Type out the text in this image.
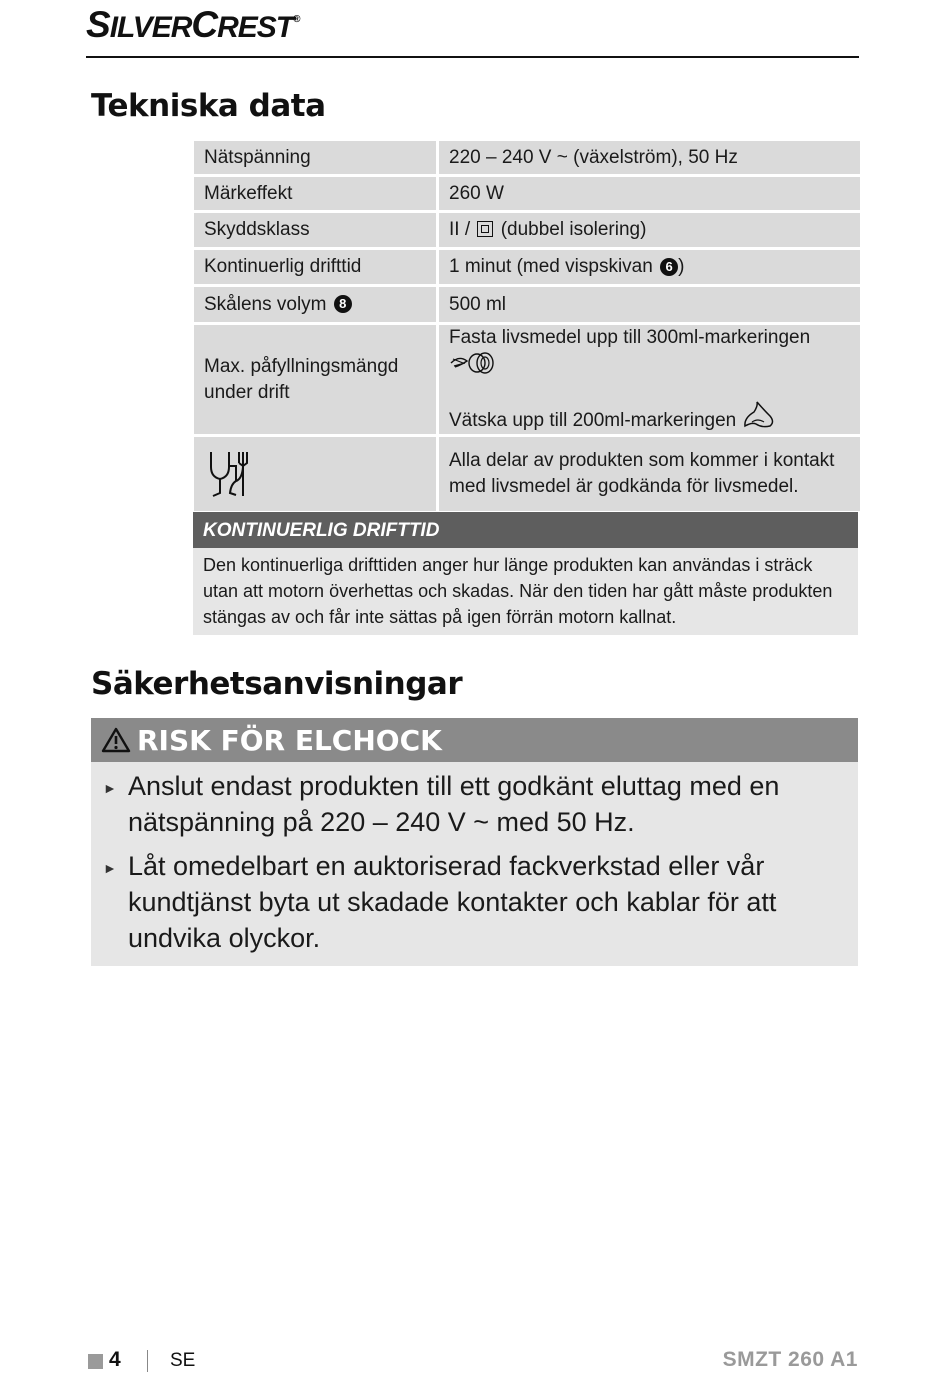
SILVERCREST®
Tekniska data
Nätspänning	220 – 240 V ~ (växelström), 50 Hz
Märkeffekt	260 W
Skyddsklass	II / (dubbel isolering)
Kontinuerlig drifttid	1 minut (med vispskivan 6 )
Skålens volym 8	500 ml
Max. påfyllningsmängd under drift	Fasta livsmedel upp till 300ml-markeringen
Vätska upp till 200ml-markeringen

	Alla delar av produkten som kommer i kontakt med livsmedel är godkända för livsmedel.
KONTINUERLIG DRIFTTID
Den kontinuerliga drifttiden anger hur länge produkten kan användas i sträck utan att motorn överhettas och skadas. När den tiden har gått måste produkten stängas av och får inte sättas på igen förrän motorn kallnat.
Säkerhetsanvisningar
RISK FÖR ELCHOCK
► Anslut endast produkten till ett godkänt eluttag med en nätspänning på 220 – 240 V ~ med 50 Hz.
► Låt omedelbart en auktoriserad fackverkstad eller vår kundtjänst byta ut skadade kontakter och kablar för att undvika olyckor.
4	SE	SMZT 260 A1
